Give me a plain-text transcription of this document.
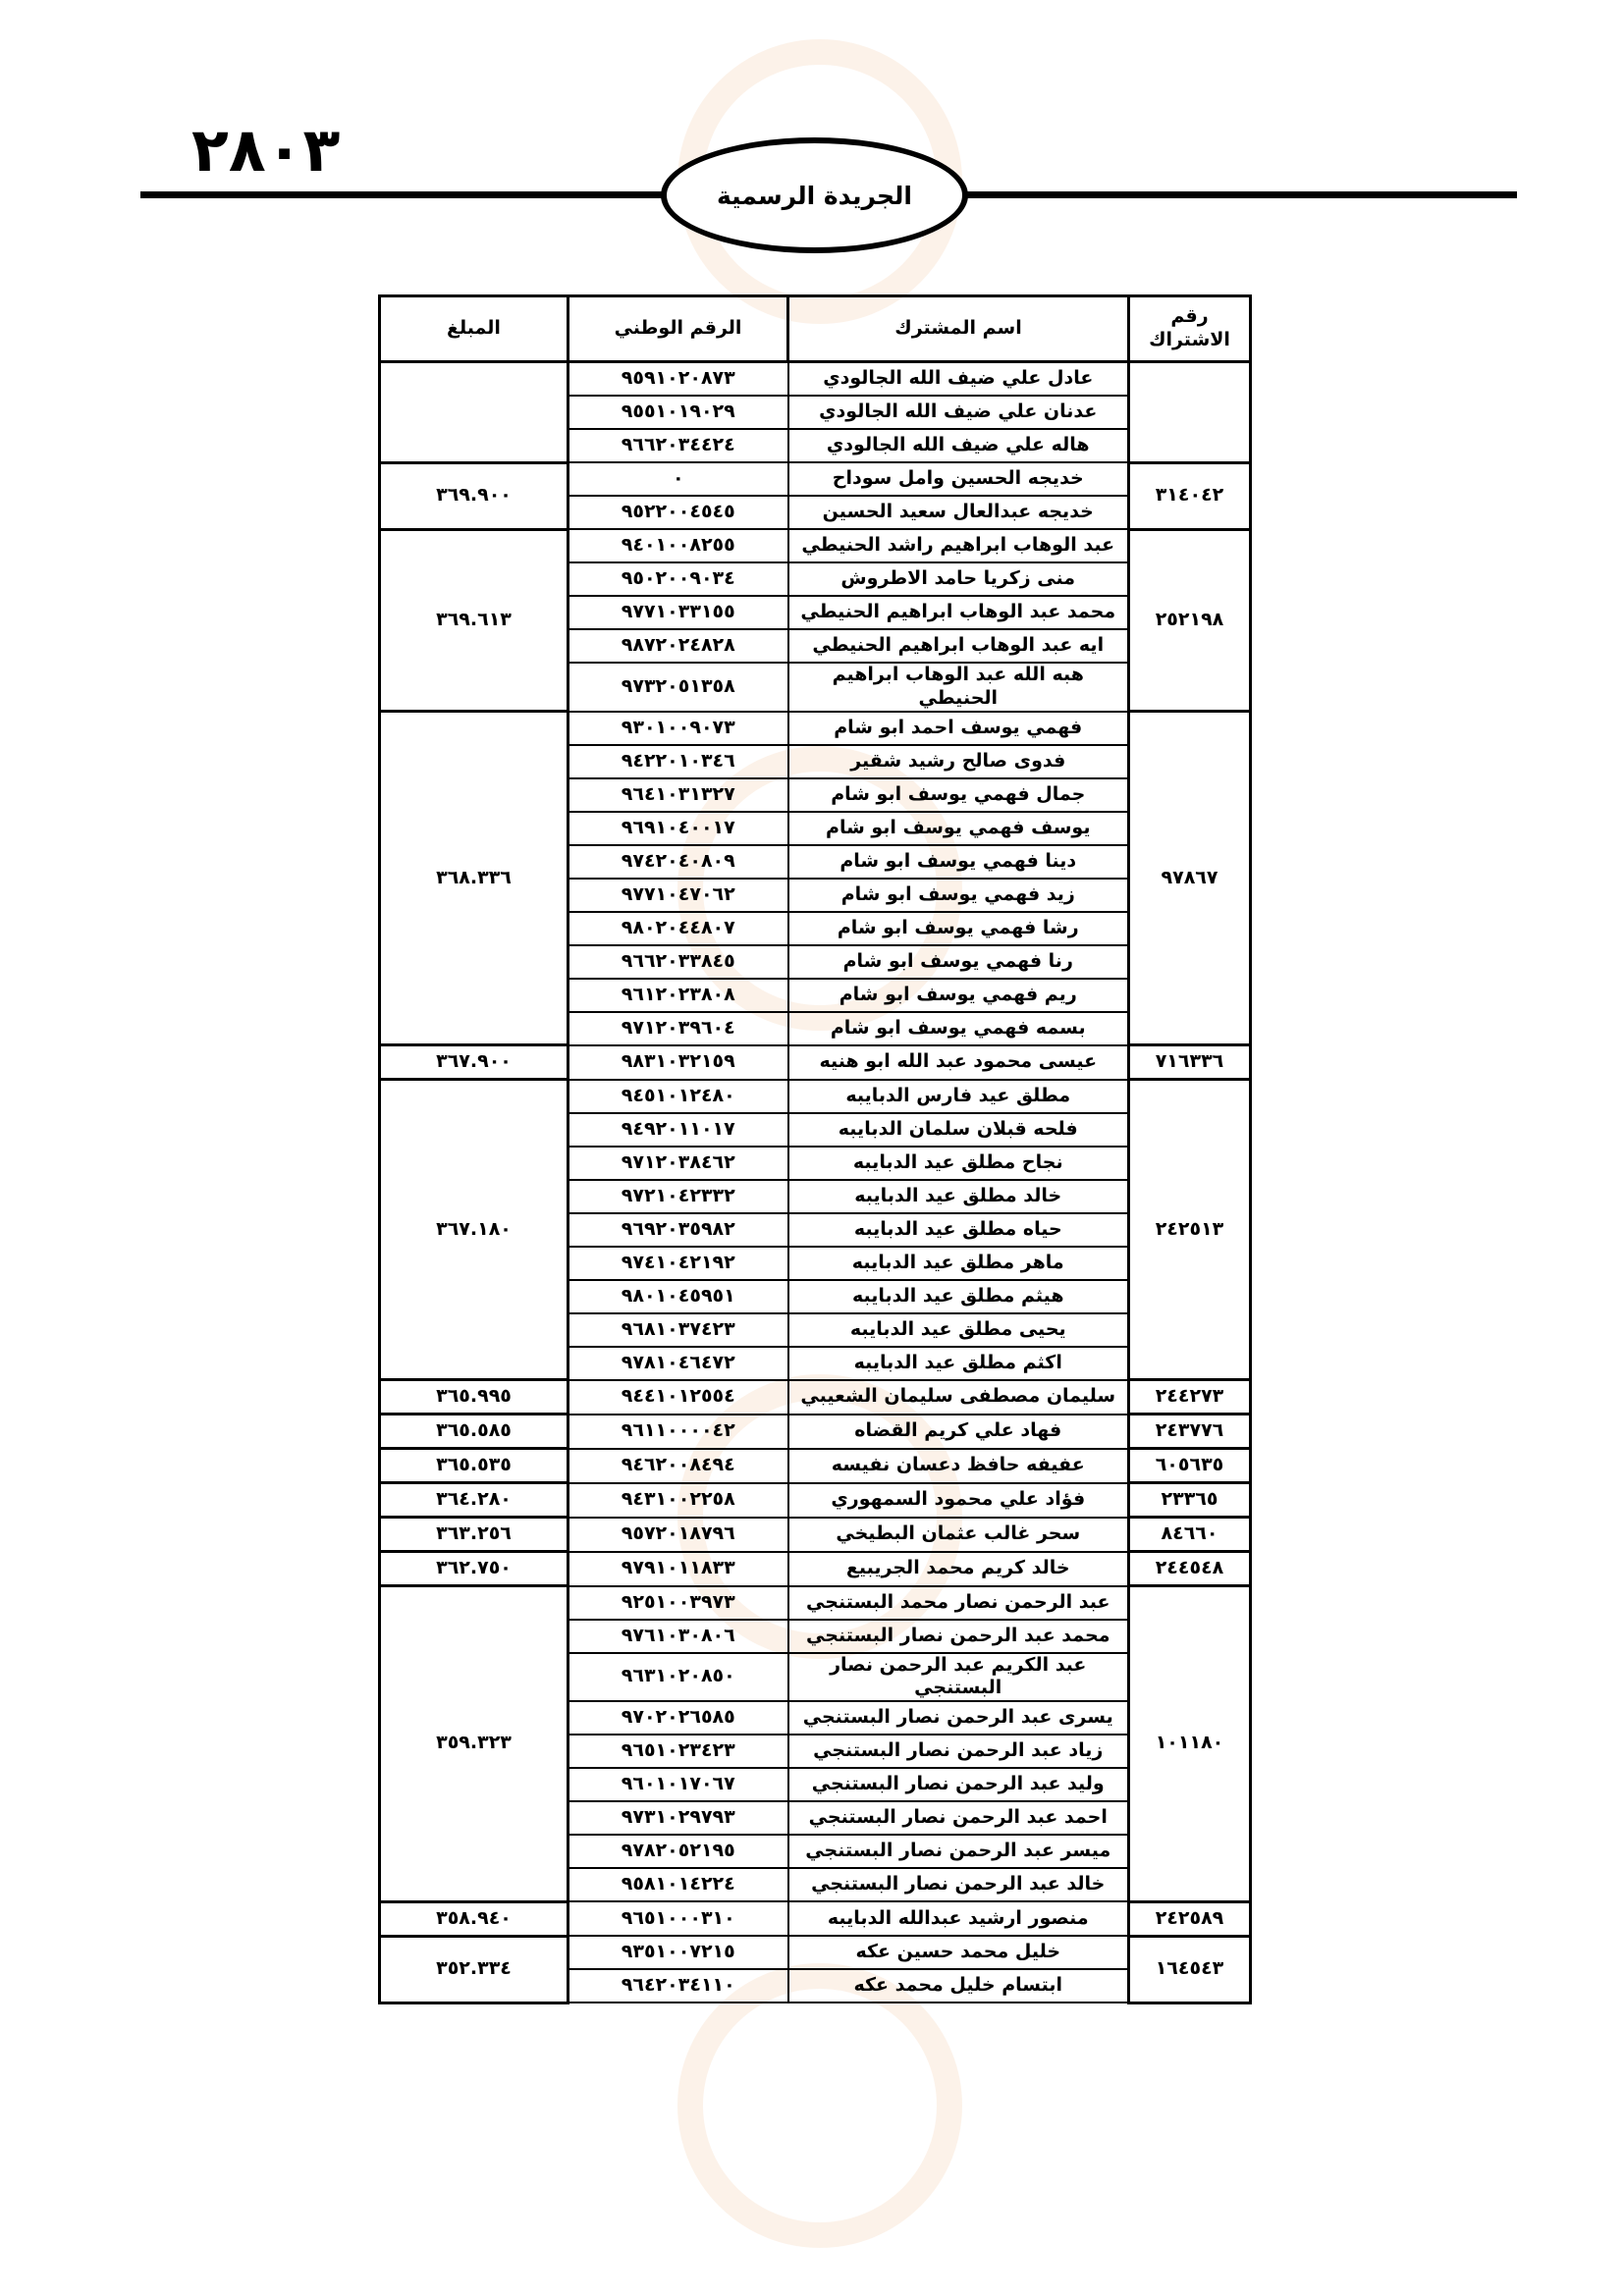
٢٨٠٣
الجريدة الرسمية
رقم الاشتراك	اسم المشترك	الرقم الوطني	المبلغ
	عادل علي ضيف الله الجالودي	٩٥٩١٠٢٠٨٧٣	
	عدنان علي ضيف الله الجالودي	٩٥٥١٠١٩٠٢٩	
	هاله علي ضيف الله الجالودي	٩٦٦٢٠٣٤٤٢٤	
٣١٤٠٤٢	خديجه الحسين وامل سوداح	٠	٣٦٩.٩٠٠
	خديجه عبدالعال سعيد الحسين	٩٥٢٢٠٠٤٥٤٥	
٢٥٢١٩٨	عبد الوهاب ابراهيم راشد الحنيطي	٩٤٠١٠٠٨٢٥٥	٣٦٩.٦١٣
	منى زكريا حامد الاطروش	٩٥٠٢٠٠٩٠٣٤	
	محمد عبد الوهاب ابراهيم الحنيطي	٩٧٧١٠٣٣١٥٥	
	ايه عبد الوهاب ابراهيم الحنيطي	٩٨٧٢٠٢٤٨٢٨	
	هبه الله عبد الوهاب ابراهيم الحنيطي	٩٧٣٢٠٥١٣٥٨	
٩٧٨٦٧	فهمي يوسف احمد ابو شام	٩٣٠١٠٠٩٠٧٣	٣٦٨.٣٣٦
	فدوى صالح رشيد شقير	٩٤٢٢٠١٠٣٤٦	
	جمال فهمي يوسف ابو شام	٩٦٤١٠٣١٣٢٧	
	يوسف فهمي يوسف ابو شام	٩٦٩١٠٤٠٠١٧	
	دينا فهمي يوسف ابو شام	٩٧٤٢٠٤٠٨٠٩	
	زيد فهمي يوسف ابو شام	٩٧٧١٠٤٧٠٦٢	
	رشا فهمي يوسف ابو شام	٩٨٠٢٠٤٤٨٠٧	
	رنا فهمي يوسف ابو شام	٩٦٦٢٠٣٣٨٤٥	
	ريم فهمي يوسف ابو شام	٩٦١٢٠٢٣٨٠٨	
	بسمه فهمي يوسف ابو شام	٩٧١٢٠٣٩٦٠٤	
٧١٦٣٣٦	عيسى محمود عبد الله ابو هنيه	٩٨٣١٠٣٢١٥٩	٣٦٧.٩٠٠
٢٤٢٥١٣	مطلق عيد فارس الدبايبه	٩٤٥١٠١٢٤٨٠	٣٦٧.١٨٠
	فلحه قبلان سلمان الدبايبه	٩٤٩٢٠١١٠١٧	
	نجاح مطلق عيد الدبايبه	٩٧١٢٠٣٨٤٦٢	
	خالد مطلق عيد الدبايبه	٩٧٢١٠٤٢٣٣٢	
	حياه مطلق عيد الدبايبه	٩٦٩٢٠٣٥٩٨٢	
	ماهر مطلق عيد الدبايبه	٩٧٤١٠٤٢١٩٢	
	هيثم مطلق عيد الدبايبه	٩٨٠١٠٤٥٩٥١	
	يحيى مطلق عيد الدبايبه	٩٦٨١٠٣٧٤٢٣	
	اكثم مطلق عيد الدبايبه	٩٧٨١٠٤٦٤٧٢	
٢٤٤٢٧٣	سليمان مصطفى سليمان الشعيبي	٩٤٤١٠١٢٥٥٤	٣٦٥.٩٩٥
٢٤٣٧٧٦	فهاد علي كريم القضاه	٩٦١١٠٠٠٠٤٢	٣٦٥.٥٨٥
٦٠٥٦٣٥	عفيفه حافظ دعسان نفيسه	٩٤٦٢٠٠٨٤٩٤	٣٦٥.٥٣٥
٢٣٣٦٥	فؤاد علي محمود السمهوري	٩٤٣١٠٠٢٢٥٨	٣٦٤.٢٨٠
٨٤٦٦٠	سحر غالب عثمان البطيخي	٩٥٧٢٠١٨٧٩٦	٣٦٣.٢٥٦
٢٤٤٥٤٨	خالد كريم محمد الجريبيع	٩٧٩١٠١١٨٣٣	٣٦٢.٧٥٠
١٠١١٨٠	عبد الرحمن نصار محمد البستنجي	٩٢٥١٠٠٣٩٧٣	٣٥٩.٣٢٣
	محمد عبد الرحمن نصار البستنجي	٩٧٦١٠٣٠٨٠٦	
	عبد الكريم عبد الرحمن نصار البستنجي	٩٦٣١٠٢٠٨٥٠	
	يسرى عبد الرحمن نصار البستنجي	٩٧٠٢٠٢٦٥٨٥	
	زياد عبد الرحمن نصار البستنجي	٩٦٥١٠٢٣٤٢٣	
	وليد عبد الرحمن نصار البستنجي	٩٦٠١٠١٧٠٦٧	
	احمد عبد الرحمن نصار البستنجي	٩٧٣١٠٢٩٧٩٣	
	ميسر عبد الرحمن نصار البستنجي	٩٧٨٢٠٥٢١٩٥	
	خالد عبد الرحمن نصار البستنجي	٩٥٨١٠١٤٢٢٤	
٢٤٢٥٨٩	منصور ارشيد عبدالله الدبايبه	٩٦٥١٠٠٠٣١٠	٣٥٨.٩٤٠
١٦٤٥٤٣	خليل محمد حسين عكه	٩٣٥١٠٠٧٢١٥	٣٥٢.٣٣٤
	ابتسام خليل محمد عكه	٩٦٤٢٠٣٤١١٠	
